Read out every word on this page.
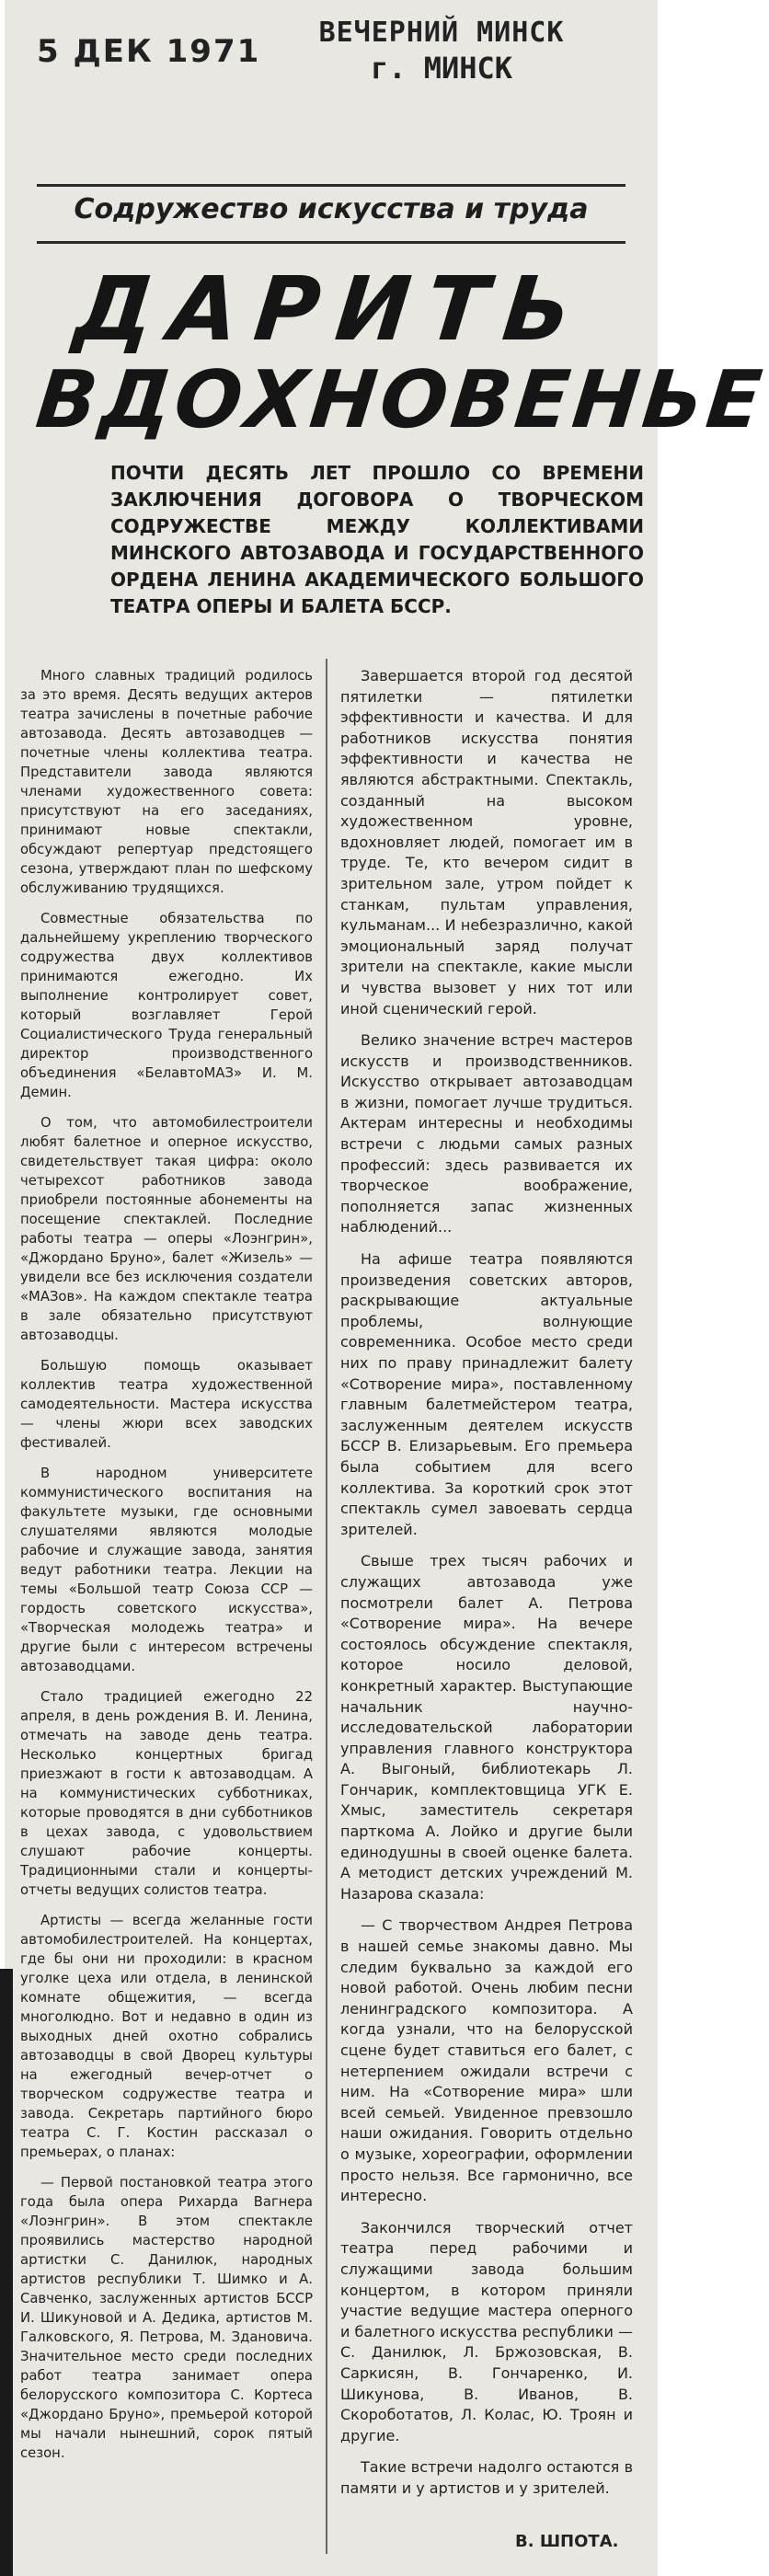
5 ДЕК 1971
ВЕЧЕРНИЙ МИНСК
г. МИНСК
Содружество искусства и труда
ДАРИТЬ
ВДОХНОВЕНЬЕ
ПОЧТИ ДЕСЯТЬ ЛЕТ ПРОШЛО СО ВРЕМЕНИ ЗАКЛЮЧЕНИЯ ДОГОВОРА О ТВОРЧЕСКОМ СОДРУЖЕСТВЕ МЕЖДУ КОЛЛЕКТИВАМИ МИНСКОГО АВТОЗАВОДА И ГОСУДАРСТВЕННОГО ОРДЕНА ЛЕНИНА АКАДЕМИЧЕСКОГО БОЛЬШОГО ТЕАТРА ОПЕРЫ И БАЛЕТА БССР.

Много славных традиций родилось за это время. Десять ведущих актеров театра зачислены в почетные рабочие автозавода. Десять автозаводцев — почетные члены коллектива театра. Представители завода являются членами художественного совета: присутствуют на его заседаниях, принимают новые спектакли, обсуждают репертуар предстоящего сезона, утверждают план по шефскому обслуживанию трудящихся.

Совместные обязательства по дальнейшему укреплению творческого содружества двух коллективов принимаются ежегодно. Их выполнение контролирует совет, который возглавляет Герой Социалистического Труда генеральный директор производственного объединения «БелавтоМАЗ» И. М. Демин.

О том, что автомобилестроители любят балетное и оперное искусство, свидетельствует такая цифра: около четырехсот работников завода приобрели постоянные абонементы на посещение спектаклей. Последние работы театра — оперы «Лоэнгрин», «Джордано Бруно», балет «Жизель» — увидели все без исключения создатели «МАЗов». На каждом спектакле театра в зале обязательно присутствуют автозаводцы.

Большую помощь оказывает коллектив театра художественной самодеятельности. Мастера искусства — члены жюри всех заводских фестивалей.

В народном университете коммунистического воспитания на факультете музыки, где основными слушателями являются молодые рабочие и служащие завода, занятия ведут работники театра. Лекции на темы «Большой театр Союза ССР — гордость советского искусства», «Творческая молодежь театра» и другие были с интересом встречены автозаводцами.

Стало традицией ежегодно 22 апреля, в день рождения В. И. Ленина, отмечать на заводе день театра. Несколько концертных бригад приезжают в гости к автозаводцам. А на коммунистических субботниках, которые проводятся в дни субботников в цехах завода, с удовольствием слушают рабочие концерты. Традиционными стали и концерты-отчеты ведущих солистов театра.

Артисты — всегда желанные гости автомобилестроителей. На концертах, где бы они ни проходили: в красном уголке цеха или отдела, в ленинской комнате общежития, — всегда многолюдно. Вот и недавно в один из выходных дней охотно собрались автозаводцы в свой Дворец культуры на ежегодный вечер-отчет о творческом содружестве театра и завода. Секретарь партийного бюро театра С. Г. Костин рассказал о премьерах, о планах:

— Первой постановкой театра этого года была опера Рихарда Вагнера «Лоэнгрин». В этом спектакле проявились мастерство народной артистки С. Данилюк, народных артистов республики Т. Шимко и А. Савченко, заслуженных артистов БССР И. Шикуновой и А. Дедика, артистов М. Галковского, Я. Петрова, М. Здановича. Значительное место среди последних работ театра занимает опера белорусского композитора С. Кортеса «Джордано Бруно», премьерой которой мы начали нынешний, сорок пятый сезон.

Завершается второй год десятой пятилетки — пятилетки эффективности и качества. И для работников искусства понятия эффективности и качества не являются абстрактными. Спектакль, созданный на высоком художественном уровне, вдохновляет людей, помогает им в труде. Те, кто вечером сидит в зрительном зале, утром пойдет к станкам, пультам управления, кульманам... И небезразлично, какой эмоциональный заряд получат зрители на спектакле, какие мысли и чувства вызовет у них тот или иной сценический герой.

Велико значение встреч мастеров искусств и производственников. Искусство открывает автозаводцам в жизни, помогает лучше трудиться. Актерам интересны и необходимы встречи с людьми самых разных профессий: здесь развивается их творческое воображение, пополняется запас жизненных наблюдений...

На афише театра появляются произведения советских авторов, раскрывающие актуальные проблемы, волнующие современника. Особое место среди них по праву принадлежит балету «Сотворение мира», поставленному главным балетмейстером театра, заслуженным деятелем искусств БССР В. Елизарьевым. Его премьера была событием для всего коллектива. За короткий срок этот спектакль сумел завоевать сердца зрителей.

Свыше трех тысяч рабочих и служащих автозавода уже посмотрели балет А. Петрова «Сотворение мира». На вечере состоялось обсуждение спектакля, которое носило деловой, конкретный характер. Выступающие начальник научно-исследовательской лаборатории управления главного конструктора А. Выгоный, библиотекарь Л. Гончарик, комплектовщица УГК Е. Хмыс, заместитель секретаря парткома А. Лойко и другие были единодушны в своей оценке балета. А методист детских учреждений М. Назарова сказала:

— С творчеством Андрея Петрова в нашей семье знакомы давно. Мы следим буквально за каждой его новой работой. Очень любим песни ленинградского композитора. А когда узнали, что на белорусской сцене будет ставиться его балет, с нетерпением ожидали встречи с ним. На «Сотворение мира» шли всей семьей. Увиденное превзошло наши ожидания. Говорить отдельно о музыке, хореографии, оформлении просто нельзя. Все гармонично, все интересно.

Закончился творческий отчет театра перед рабочими и служащими завода большим концертом, в котором приняли участие ведущие мастера оперного и балетного искусства республики — С. Данилюк, Л. Бржозовская, В. Саркисян, В. Гончаренко, И. Шикунова, В. Иванов, В. Скороботатов, Л. Колас, Ю. Троян и другие.

Такие встречи надолго остаются в памяти и у артистов и у зрителей.

В. ШПОТА.
